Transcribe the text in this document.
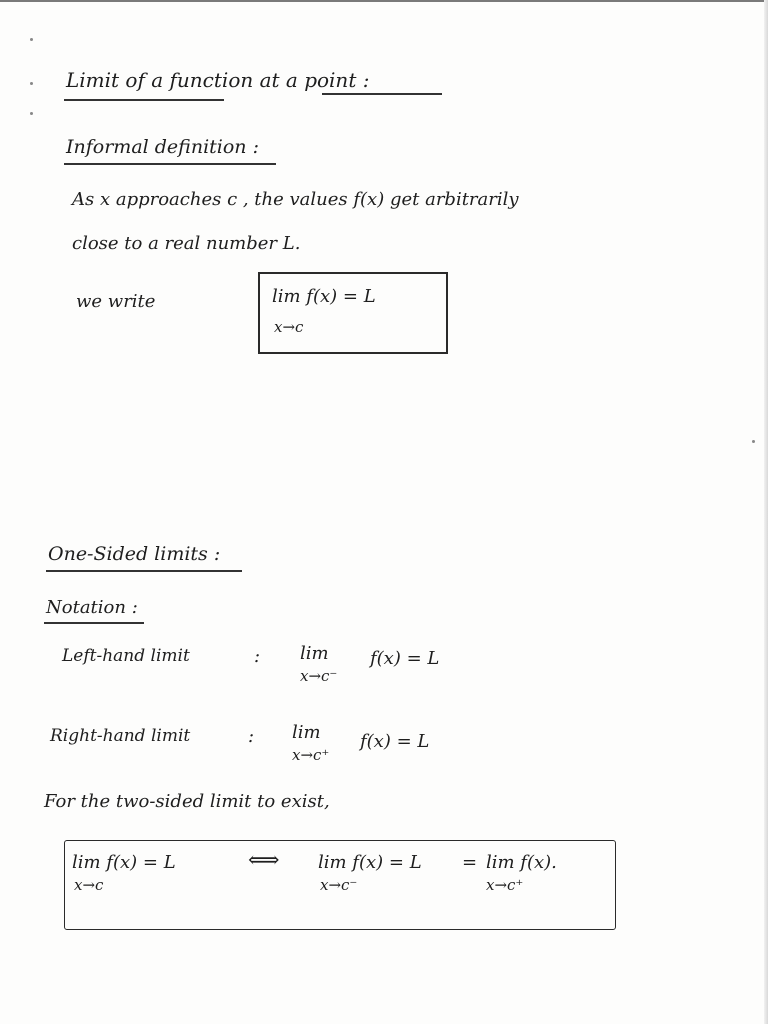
Limit of a function at a point :
Informal definition :
As x approaches c , the values f(x) get arbitrarily
close to a real number L.
we write	lim f(x) = L
x→c
One-Sided limits :
Notation :
Left-hand limit	: lim f(x) = L
x→c⁻
Right-hand limit	: lim f(x) = L
x→c⁺
For the two-sided limit to exist,
lim f(x) = L
x→c
⟺ lim f(x) = L
x→c⁻
= lim f(x).
x→c⁺
